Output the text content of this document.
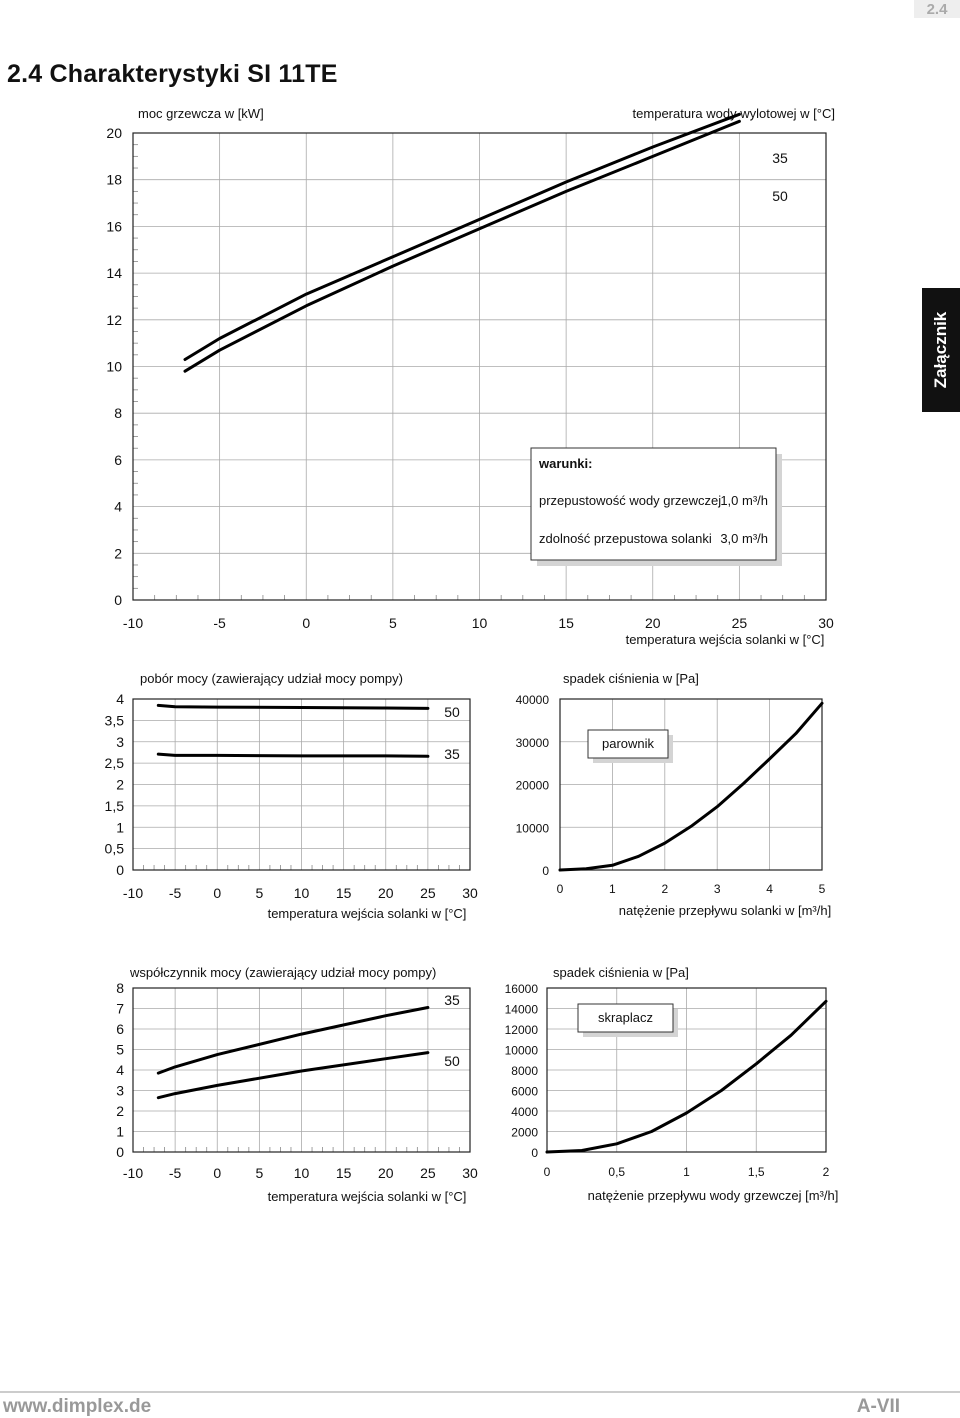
2.4
2.4 Charakterystyki SI 11TE
Załącznik
www.dimplex.de	A-VII
-10	-5	0	5	10	15	20	25	30
0
2
4
6
8
10
12
14
16
18
20
moc grzewcza w [kW]
temperatura wejścia solanki w [°C]
temperatura wody wylotowej w [°C]
35
50
warunki:
przepustowość wody grzewczej 1,0 m³/h
zdolność przepustowa solanki 3,0 m³/h
-10 -5 0 5 10 15 20 25 30
0
0,5
1
1,5
2
2,5
3
3,5
4
pobór mocy (zawierający udział mocy pompy)
temperatura wejścia solanki w [°C]
50
35
0	1	2	3	4	5
0
10000
20000
30000
40000
spadek ciśnienia w [Pa]
natężenie przepływu solanki w [m³/h]
parownik
-10 -5 0 5 10 15 20 25 30
0
1
2
3
4
5
6
7
8
współczynnik mocy (zawierający udział mocy pompy)
temperatura wejścia solanki w [°C]
35
50
0	0,5	1	1,5	2
0
2000
4000
6000
8000
10000
12000
14000
16000
spadek ciśnienia w [Pa]
natężenie przepływu wody grzewczej [m³/h]
skraplacz
